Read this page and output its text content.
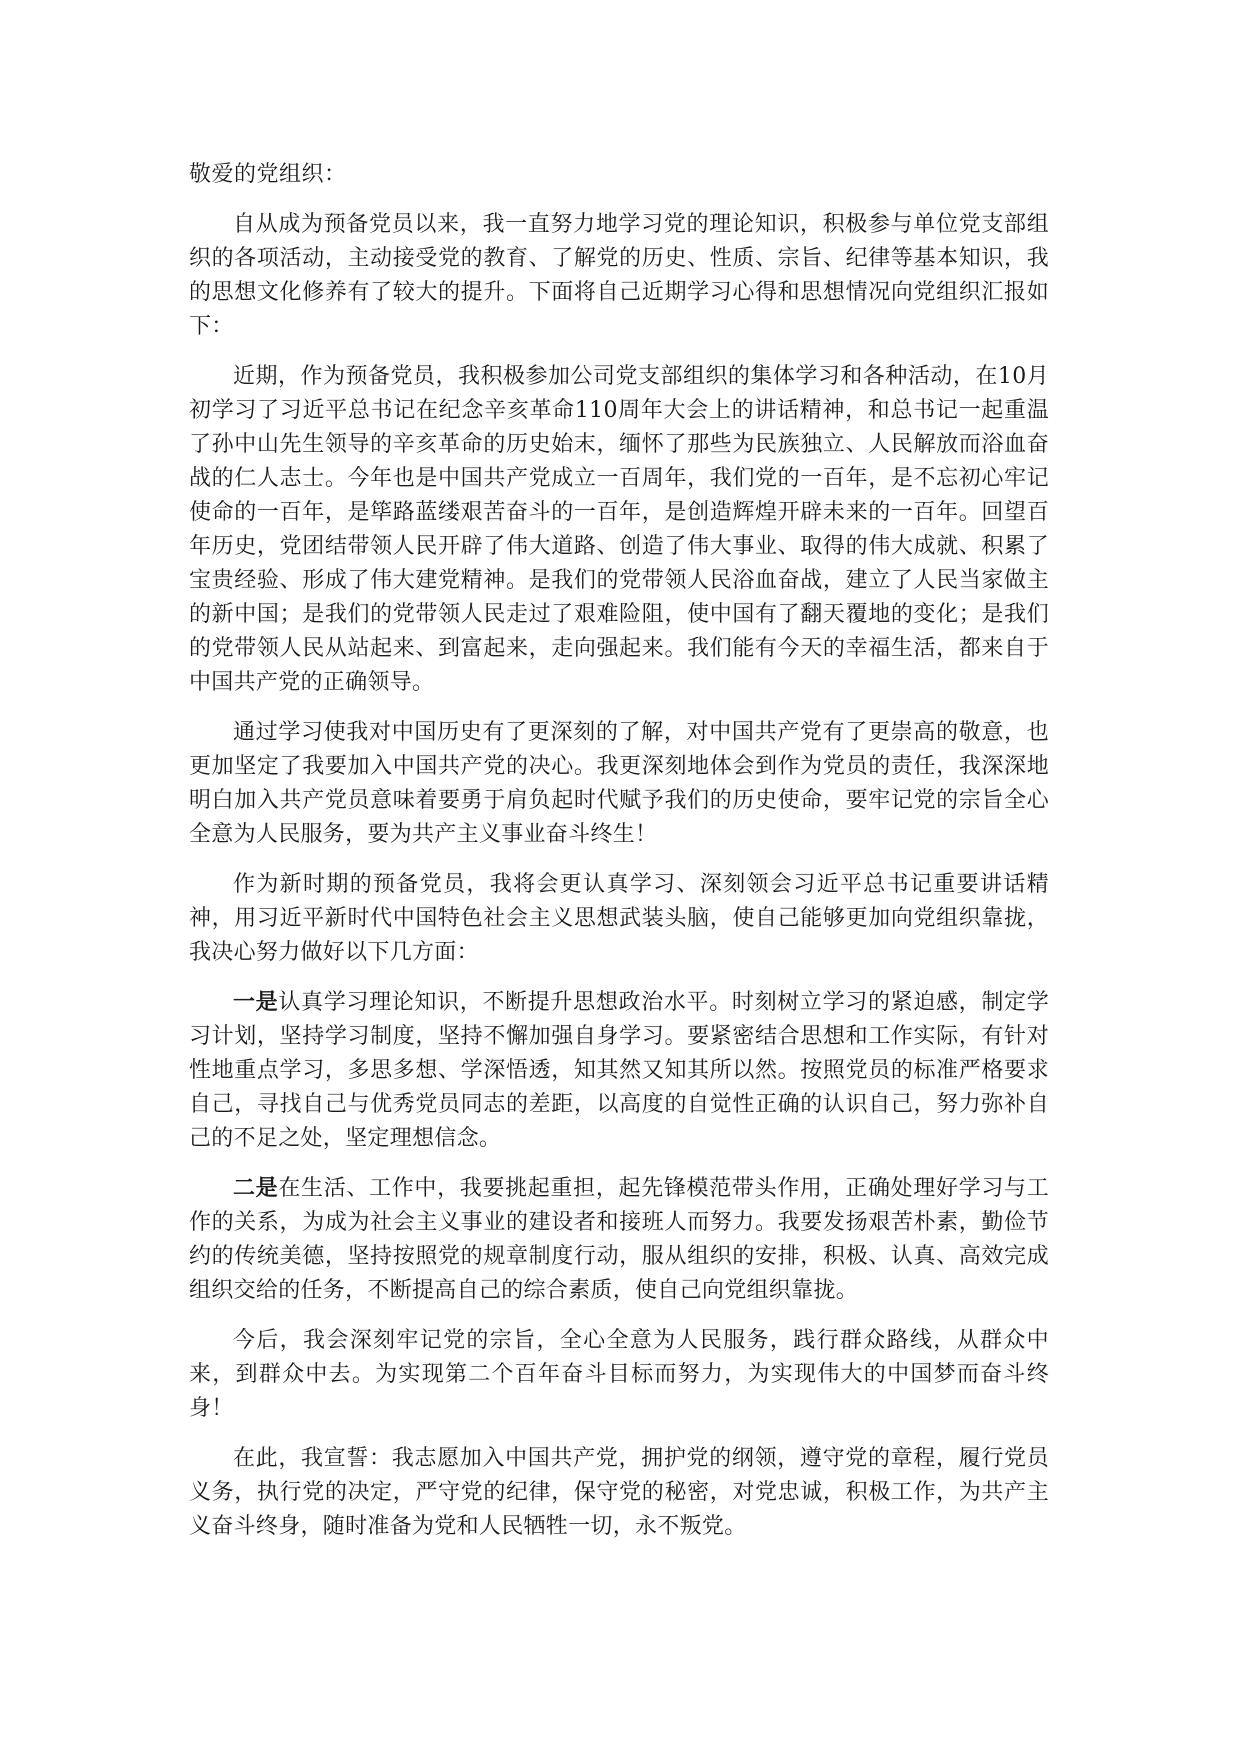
敬爱的党组织：

自从成为预备党员以来，我一直努力地学习党的理论知识，积极参与单位党支部组织的各项活动，主动接受党的教育、了解党的历史、性质、宗旨、纪律等基本知识，我的思想文化修养有了较大的提升。下面将自己近期学习心得和思想情况向党组织汇报如下：

近期，作为预备党员，我积极参加公司党支部组织的集体学习和各种活动，在10月初学习了习近平总书记在纪念辛亥革命110周年大会上的讲话精神，和总书记一起重温了孙中山先生领导的辛亥革命的历史始末，缅怀了那些为民族独立、人民解放而浴血奋战的仁人志士。今年也是中国共产党成立一百周年，我们党的一百年，是不忘初心牢记使命的一百年，是筚路蓝缕艰苦奋斗的一百年，是创造辉煌开辟未来的一百年。回望百年历史，党团结带领人民开辟了伟大道路、创造了伟大事业、取得的伟大成就、积累了宝贵经验、形成了伟大建党精神。是我们的党带领人民浴血奋战，建立了人民当家做主的新中国；是我们的党带领人民走过了艰难险阻，使中国有了翻天覆地的变化；是我们的党带领人民从站起来、到富起来，走向强起来。我们能有今天的幸福生活，都来自于中国共产党的正确领导。

通过学习使我对中国历史有了更深刻的了解，对中国共产党有了更崇高的敬意，也更加坚定了我要加入中国共产党的决心。我更深刻地体会到作为党员的责任，我深深地明白加入共产党员意味着要勇于肩负起时代赋予我们的历史使命，要牢记党的宗旨全心全意为人民服务，要为共产主义事业奋斗终生！

作为新时期的预备党员，我将会更认真学习、深刻领会习近平总书记重要讲话精神，用习近平新时代中国特色社会主义思想武装头脑，使自己能够更加向党组织靠拢，我决心努力做好以下几方面：

一是认真学习理论知识，不断提升思想政治水平。时刻树立学习的紧迫感，制定学习计划，坚持学习制度，坚持不懈加强自身学习。要紧密结合思想和工作实际，有针对性地重点学习，多思多想、学深悟透，知其然又知其所以然。按照党员的标准严格要求自己，寻找自己与优秀党员同志的差距，以高度的自觉性正确的认识自己，努力弥补自己的不足之处，坚定理想信念。

二是在生活、工作中，我要挑起重担，起先锋模范带头作用，正确处理好学习与工作的关系，为成为社会主义事业的建设者和接班人而努力。我要发扬艰苦朴素，勤俭节约的传统美德，坚持按照党的规章制度行动，服从组织的安排，积极、认真、高效完成组织交给的任务，不断提高自己的综合素质，使自己向党组织靠拢。

今后，我会深刻牢记党的宗旨，全心全意为人民服务，践行群众路线，从群众中来，到群众中去。为实现第二个百年奋斗目标而努力，为实现伟大的中国梦而奋斗终身！

在此，我宣誓：我志愿加入中国共产党，拥护党的纲领，遵守党的章程，履行党员义务，执行党的决定，严守党的纪律，保守党的秘密，对党忠诚，积极工作，为共产主义奋斗终身，随时准备为党和人民牺牲一切，永不叛党。
